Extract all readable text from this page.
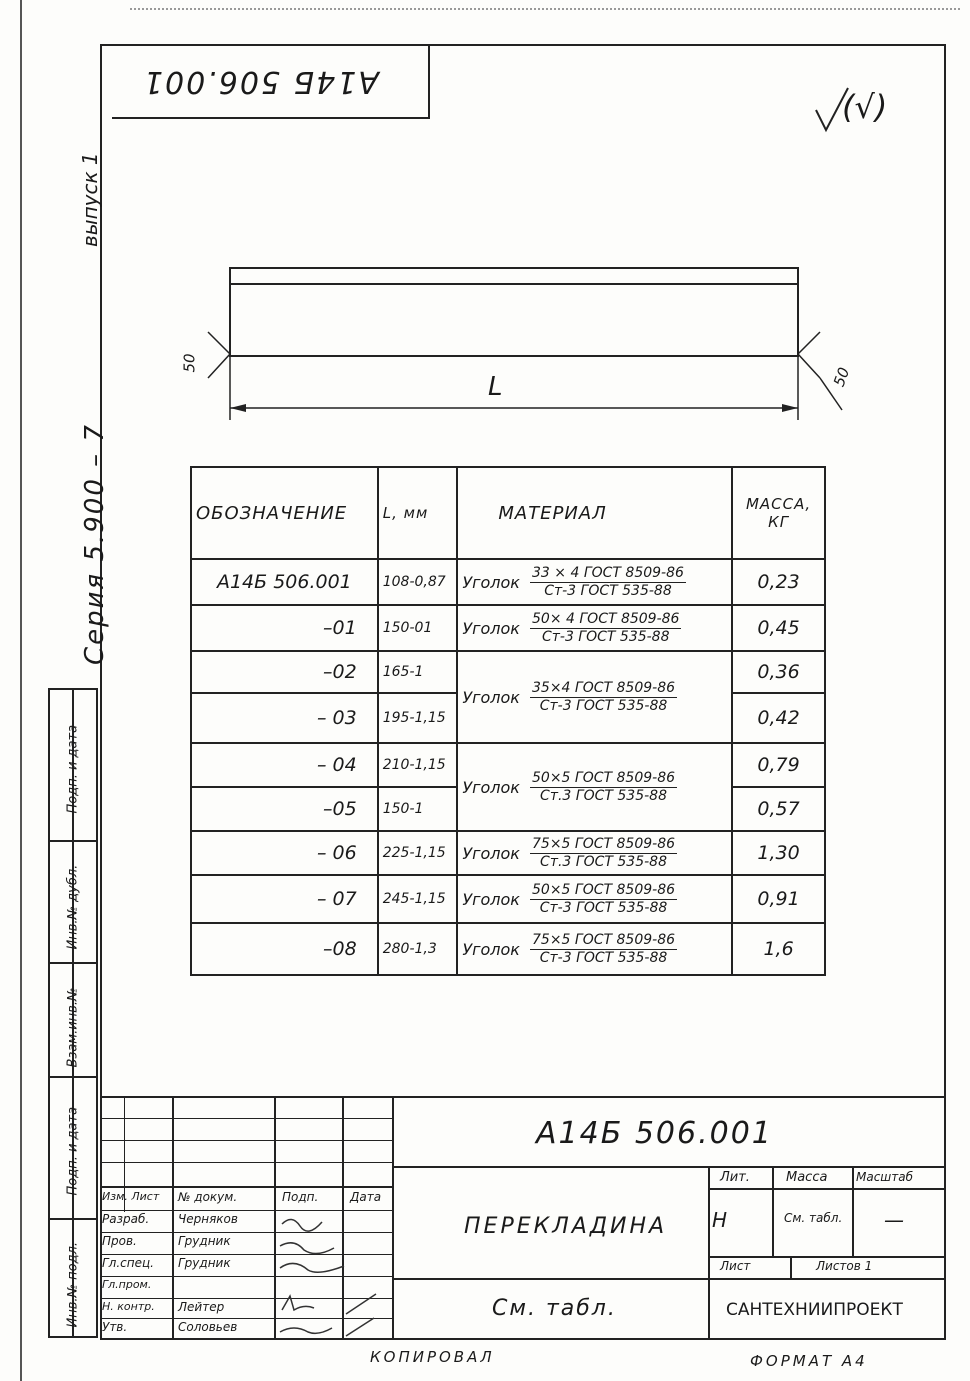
А14Б 506.001
(√)
выпуск 1
Серия 5.900 – 7
Подп. и дата
Инв.№ дубл.
Взам.инв.№
Подп. и дата
Инв.№ подл.
L
50
50
ОБОЗНАЧЕНИЕ	L, мм	МАТЕРИАЛ	МАССА, КГ
А14Б 506.001	108-0,87	Уголок $\frac{\text{33 × 4 ГОСТ 8509-86}}{\text{Ст-3 ГОСТ 535-88}}$	0,23
–01	150-01	Уголок $\frac{\text{50× 4 ГОСТ 8509-86}}{\text{Ст-3 ГОСТ 535-88}}$	0,45
–02	165-1	Уголок $\frac{\text{35×4 ГОСТ 8509-86}}{\text{Ст-3 ГОСТ 535-88}}$	0,36
– 03	195-1,15		0,42
– 04	210-1,15	Уголок $\frac{\text{50×5 ГОСТ 8509-86}}{\text{Ст.3 ГОСТ 535-88}}$	0,79
–05	150-1		0,57
– 06	225-1,15	Уголок $\frac{\text{75×5 ГОСТ 8509-86}}{\text{Ст.3 ГОСТ 535-88}}$	1,30
– 07	245-1,15	Уголок $\frac{\text{50×5 ГОСТ 8509-86}}{\text{Ст-3 ГОСТ 535-88}}$	0,91
–08	280-1,3	Уголок $\frac{\text{75×5 ГОСТ 8509-86}}{\text{Ст-3 ГОСТ 535-88}}$	1,6
Изм. Лист № докум.	Подп.	Дата
Разраб. Черняков
Пров.	Грудник
Гл.спец. Грудник
Гл.пром.
Н. контр. Лейтер
Утв.	Соловьев
А14Б 506.001
ПЕРЕКЛАДИНА
См. табл.	САНТЕХНИИПРОЕКТ
Лит.	Масса Масштаб
Н	См. табл. —
Лист	Листов 1
КОПИРОВАЛ	ФОРМАТ А4
